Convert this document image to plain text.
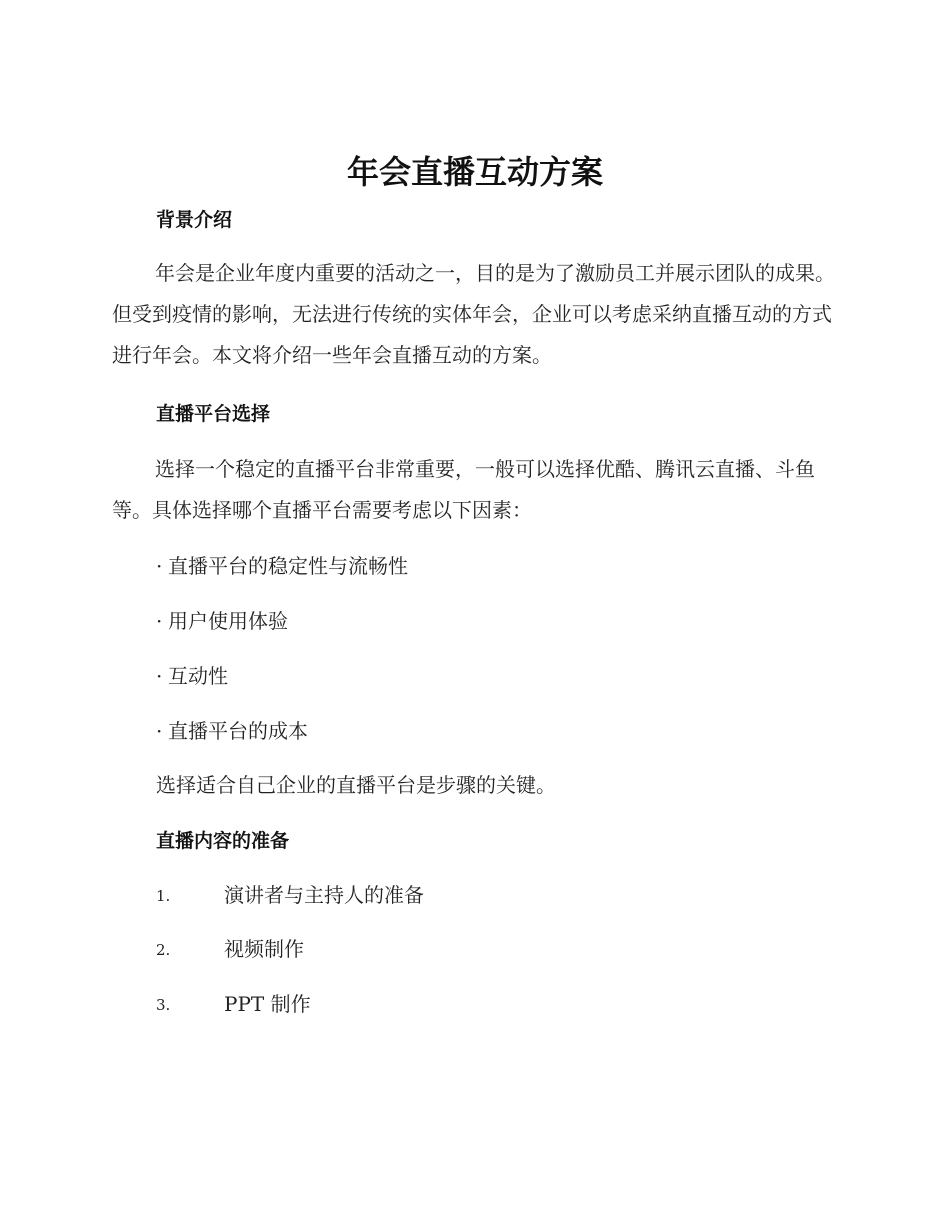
年会直播互动方案
背景介绍

年会是企业年度内重要的活动之一，目的是为了激励员工并展示团队的成果。但受到疫情的影响，无法进行传统的实体年会，企业可以考虑采纳直播互动的方式进行年会。本文将介绍一些年会直播互动的方案。

直播平台选择

选择一个稳定的直播平台非常重要，一般可以选择优酷、腾讯云直播、斗鱼等。具体选择哪个直播平台需要考虑以下因素：

· 直播平台的稳定性与流畅性
· 用户使用体验
· 互动性
· 直播平台的成本
选择适合自己企业的直播平台是步骤的关键。
直播内容的准备
1.	演讲者与主持人的准备
2.	视频制作
3.	PPT 制作
